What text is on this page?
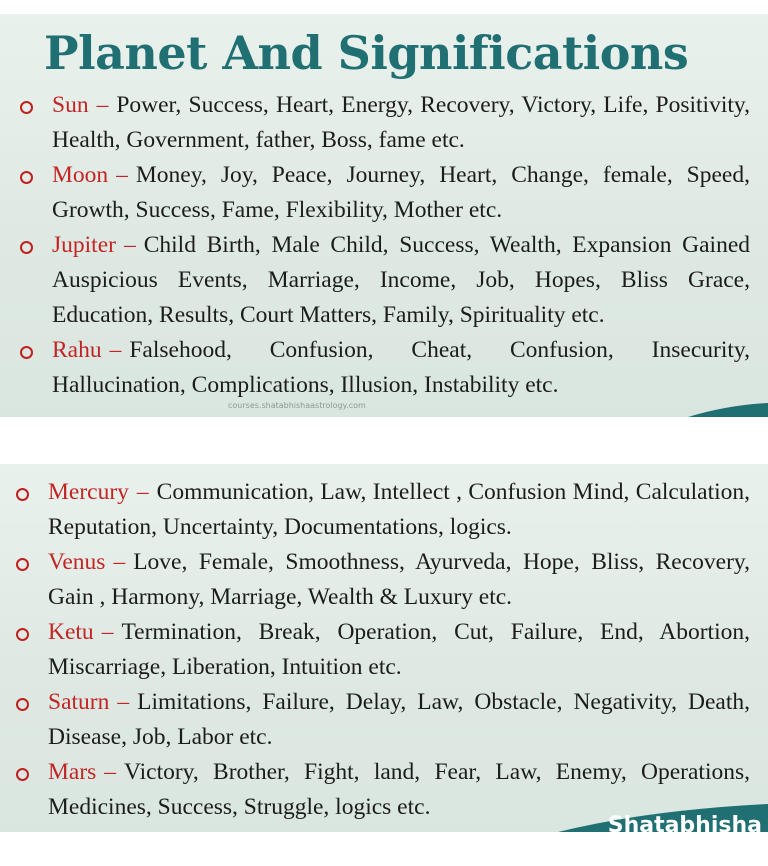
Planet And Significations
Sun – Power, Success, Heart, Energy, Recovery, Victory, Life, Positivity, Health, Government, father, Boss, fame etc.
Moon – Money, Joy, Peace, Journey, Heart, Change, female, Speed, Growth, Success, Fame, Flexibility, Mother etc.
Jupiter – Child Birth, Male Child, Success, Wealth, Expansion Gained Auspicious Events, Marriage, Income, Job, Hopes, Bliss Grace, Education, Results, Court Matters, Family, Spirituality etc.
Rahu – Falsehood, Confusion, Cheat, Confusion, Insecurity, Hallucination, Complications, Illusion, Instability etc.
courses.shatabhishaastrology.com
Mercury – Communication, Law, Intellect , Confusion Mind, Calculation, Reputation, Uncertainty, Documentations, logics.
Venus – Love, Female, Smoothness, Ayurveda, Hope, Bliss, Recovery, Gain , Harmony, Marriage, Wealth & Luxury etc.
Ketu – Termination, Break, Operation, Cut, Failure, End, Abortion, Miscarriage, Liberation, Intuition etc.
Saturn – Limitations, Failure, Delay, Law, Obstacle, Negativity, Death, Disease, Job, Labor etc.
Mars – Victory, Brother, Fight, land, Fear, Law, Enemy, Operations, Medicines, Success, Struggle, logics etc.
Shatabhisha
